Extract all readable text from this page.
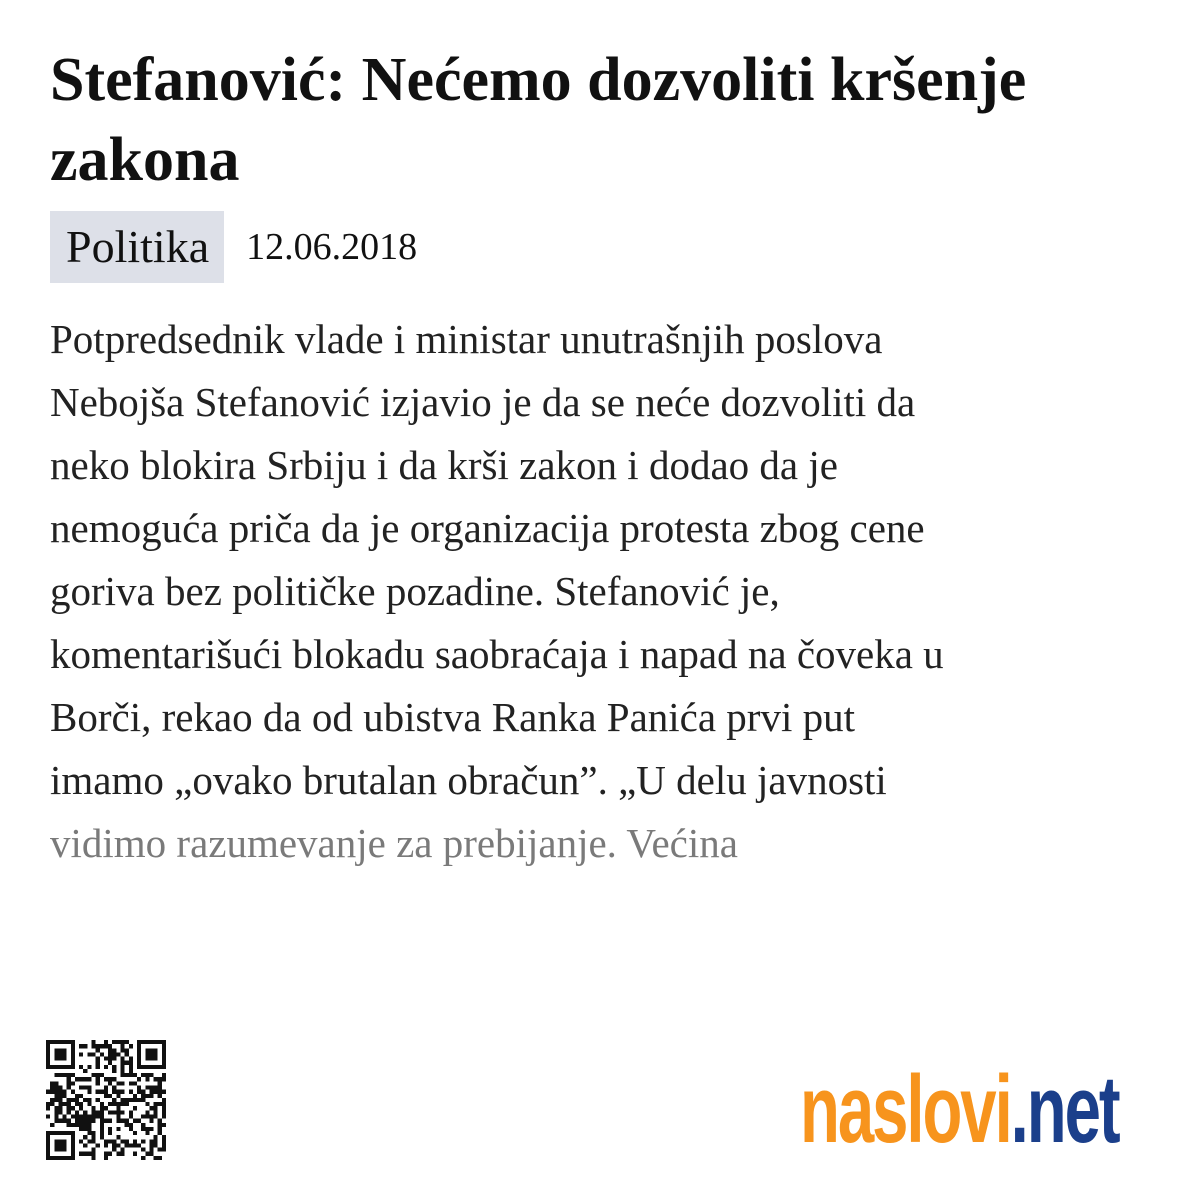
Stefanović: Nećemo dozvoliti kršenje zakona
Politika 12.06.2018

Potpredsednik vlade i ministar unutrašnjih poslova
Nebojša Stefanović izjavio je da se neće dozvoliti da
neko blokira Srbiju i da krši zakon i dodao da je
nemoguća priča da je organizacija protesta zbog cene
goriva bez političke pozadine. Stefanović je,
komentarišući blokadu saobraćaja i napad na čoveka u
Borči, rekao da od ubistva Ranka Panića prvi put
imamo „ovako brutalan obračun”. „U delu javnosti
vidimo razumevanje za prebijanje. Većina

naslovi.net
